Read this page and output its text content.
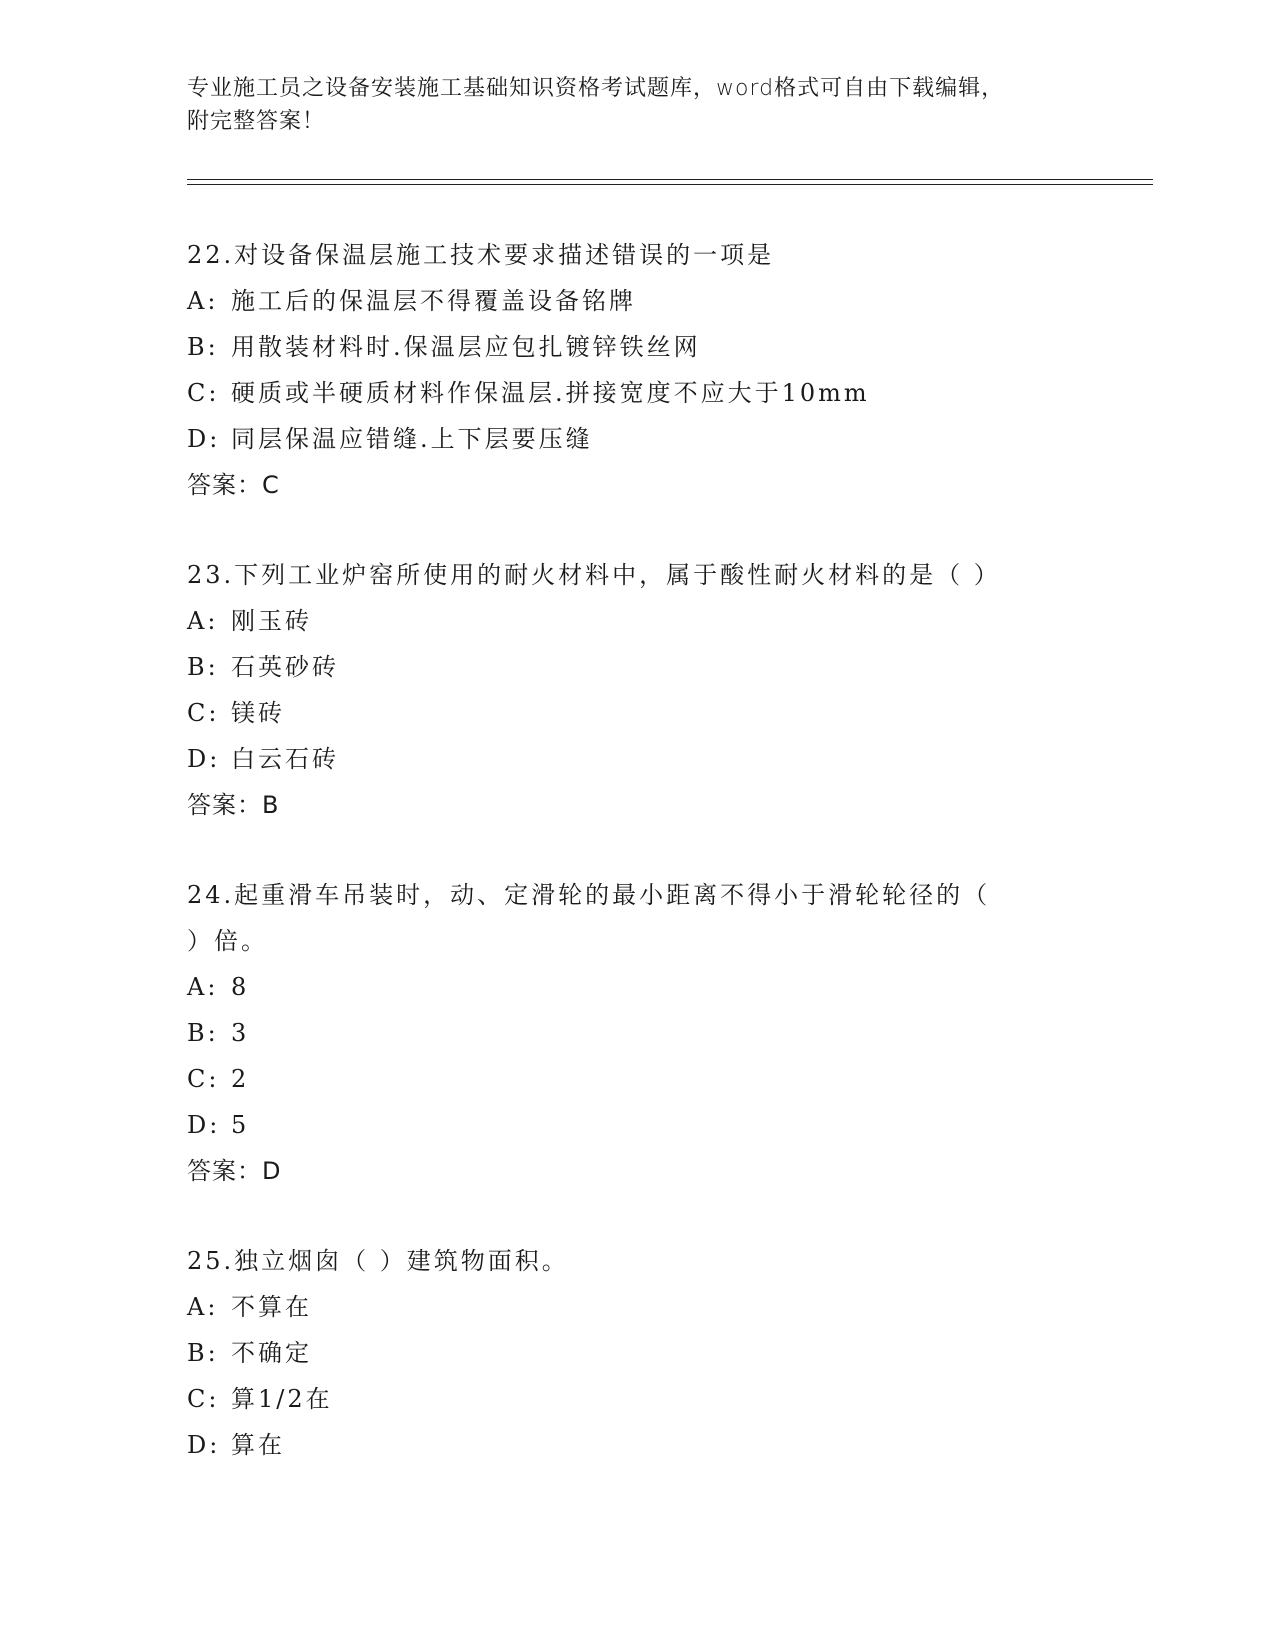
专业施工员之设备安装施工基础知识资格考试题库，word格式可自由下载编辑，
附完整答案！
22.对设备保温层施工技术要求描述错误的一项是
A: 施工后的保温层不得覆盖设备铭牌
B: 用散装材料时.保温层应包扎镀锌铁丝网
C: 硬质或半硬质材料作保温层.拼接宽度不应大于10mm
D: 同层保温应错缝.上下层要压缝
答案：C
23.下列工业炉窑所使用的耐火材料中，属于酸性耐火材料的是（ ）
A: 刚玉砖
B: 石英砂砖
C: 镁砖
D: 白云石砖
答案：B
24.起重滑车吊装时，动、定滑轮的最小距离不得小于滑轮轮径的（
）倍。
A: 8
B: 3
C: 2
D: 5
答案：D
25.独立烟囱（ ）建筑物面积。
A: 不算在
B: 不确定
C: 算1/2在
D: 算在
